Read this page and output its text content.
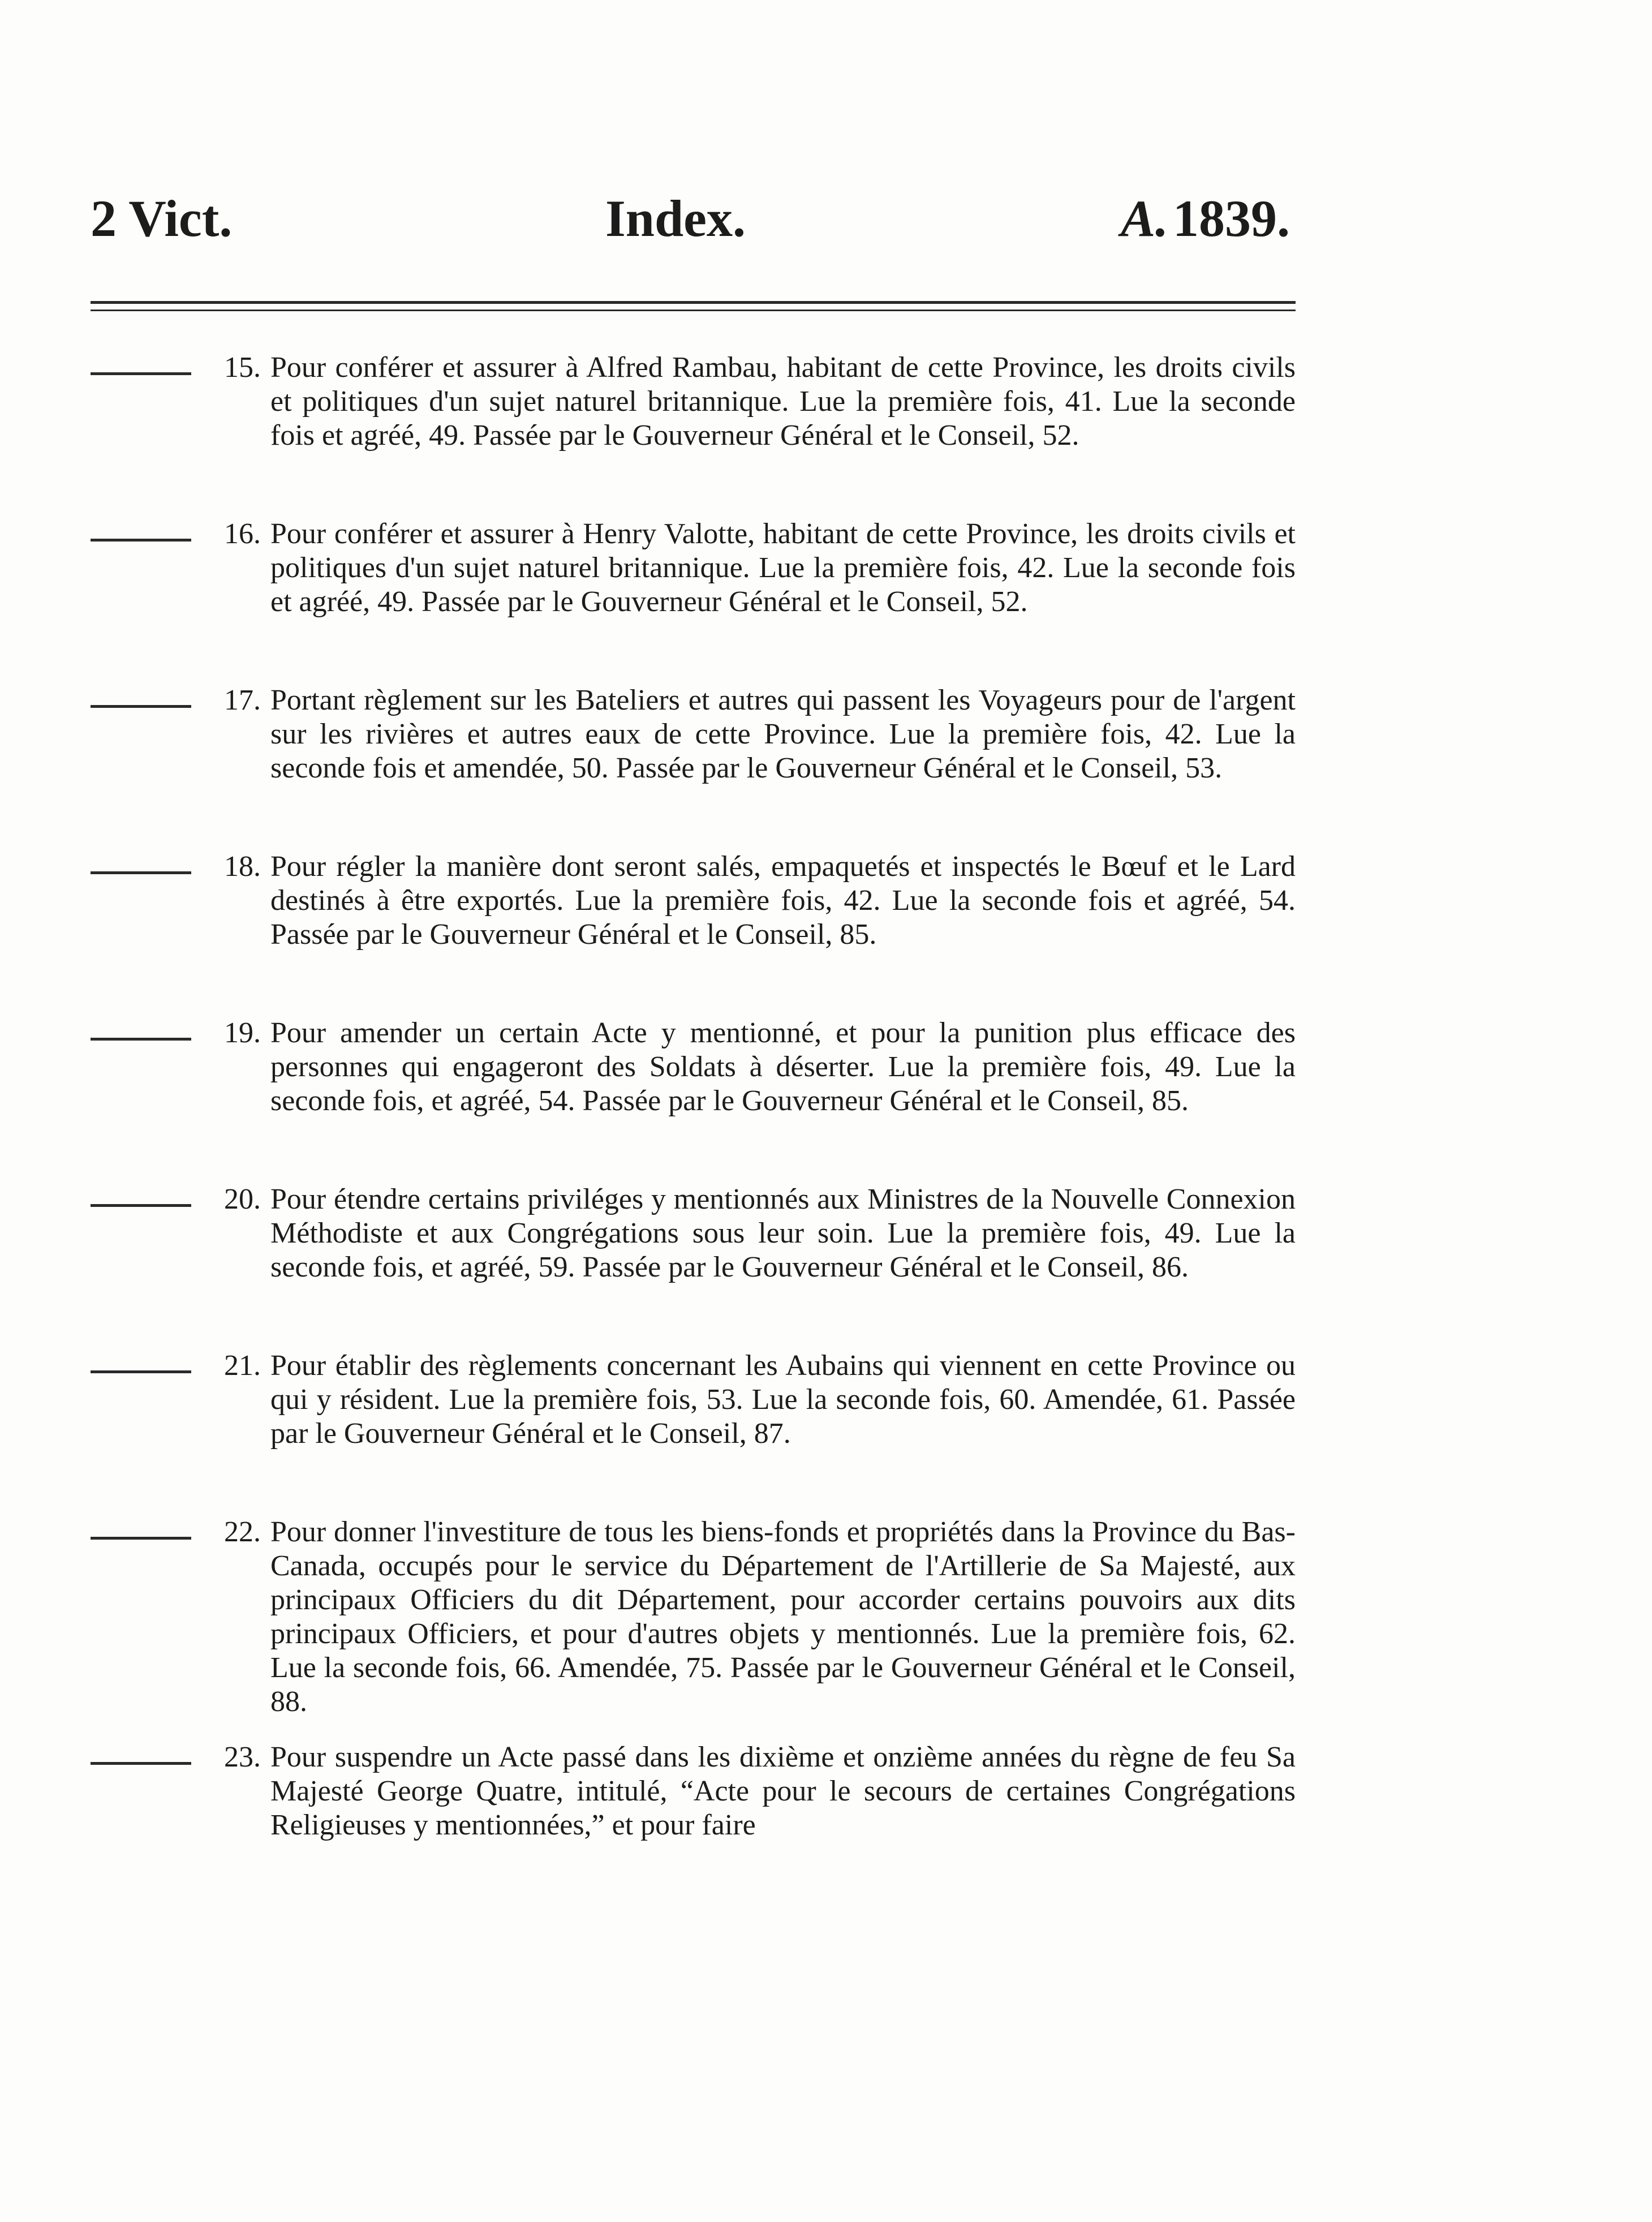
2 Vict.	Index.	A. 1839.
15. Pour conférer et assurer à Alfred Rambau, habitant de cette Province, les droits civils et politiques d'un sujet naturel britannique. Lue la première fois, 41. Lue la seconde fois et agréé, 49. Passée par le Gouverneur Général et le Conseil, 52.
16. Pour conférer et assurer à Henry Valotte, habitant de cette Province, les droits civils et politiques d'un sujet naturel britannique. Lue la première fois, 42. Lue la seconde fois et agréé, 49. Passée par le Gouverneur Général et le Conseil, 52.
17. Portant règlement sur les Bateliers et autres qui passent les Voyageurs pour de l'argent sur les rivières et autres eaux de cette Province. Lue la première fois, 42. Lue la seconde fois et amendée, 50. Passée par le Gouverneur Général et le Conseil, 53.
18. Pour régler la manière dont seront salés, empaquetés et inspectés le Bœuf et le Lard destinés à être exportés. Lue la première fois, 42. Lue la seconde fois et agréé, 54. Passée par le Gouverneur Général et le Conseil, 85.
19. Pour amender un certain Acte y mentionné, et pour la punition plus efficace des personnes qui engageront des Soldats à déserter. Lue la première fois, 49. Lue la seconde fois, et agréé, 54. Passée par le Gouverneur Général et le Conseil, 85.
20. Pour étendre certains priviléges y mentionnés aux Ministres de la Nouvelle Connexion Méthodiste et aux Congrégations sous leur soin. Lue la première fois, 49. Lue la seconde fois, et agréé, 59. Passée par le Gouverneur Général et le Conseil, 86.
21. Pour établir des règlements concernant les Aubains qui viennent en cette Province ou qui y résident. Lue la première fois, 53. Lue la seconde fois, 60. Amendée, 61. Passée par le Gouverneur Général et le Conseil, 87.
22. Pour donner l'investiture de tous les biens-fonds et propriétés dans la Province du Bas-Canada, occupés pour le service du Département de l'Artillerie de Sa Majesté, aux principaux Officiers du dit Département, pour accorder certains pouvoirs aux dits principaux Officiers, et pour d'autres objets y mentionnés. Lue la première fois, 62. Lue la seconde fois, 66. Amendée, 75. Passée par le Gouverneur Général et le Conseil, 88.
23. Pour suspendre un Acte passé dans les dixième et onzième années du règne de feu Sa Majesté George Quatre, intitulé, “Acte pour le secours de certaines Congrégations Religieuses y mentionnées,” et pour faire
